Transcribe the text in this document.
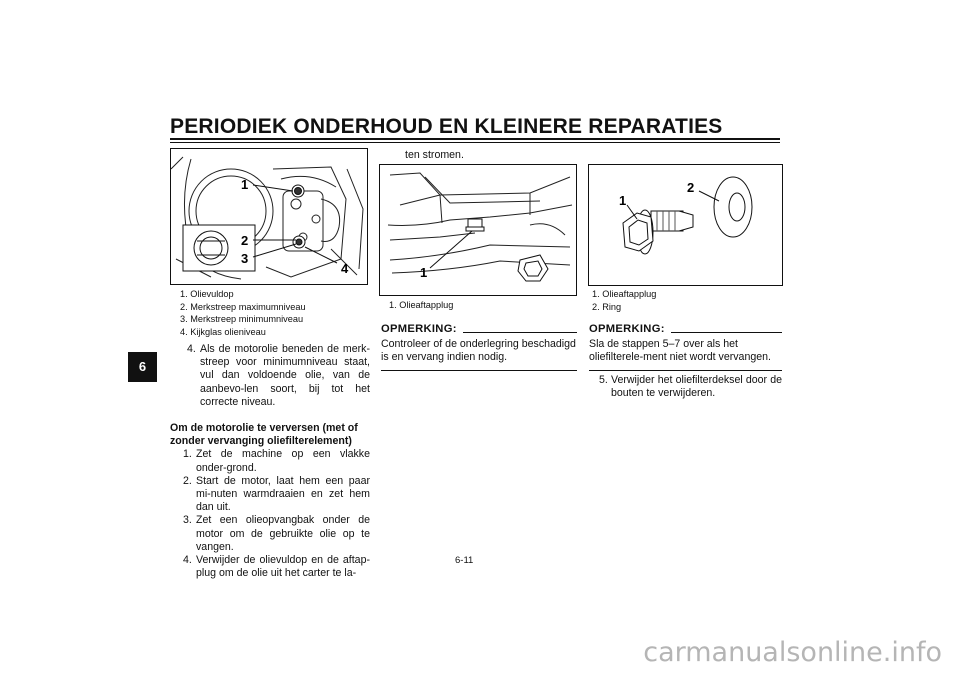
PERIODIEK ONDERHOUD EN KLEINERE REPARATIES
6
1
2
3
4
1. Olievuldop
2. Merkstreep maximumniveau
3. Merkstreep minimumniveau
4. Kijkglas olieniveau
4. Als de motorolie beneden de merk-streep voor minimumniveau staat, vul dan voldoende olie, van de aanbevo-len soort, bij tot het correcte niveau.
Om de motorolie te verversen (met of zonder vervanging oliefilterelement)
1. Zet de machine op een vlakke onder-grond.
2. Start de motor, laat hem een paar mi-nuten warmdraaien en zet hem dan uit.
3. Zet een olieopvangbak onder de motor om de gebruikte olie op te vangen.
4. Verwijder de olievuldop en de aftap-plug om de olie uit het carter te la-
ten stromen.
1
1. Olieaftapplug
OPMERKING:
Controleer of de onderlegring beschadigd is en vervang indien nodig.
1
2
1. Olieaftapplug
2. Ring
OPMERKING:
Sla de stappen 5–7 over als het oliefilterele-ment niet wordt vervangen.
5. Verwijder het oliefilterdeksel door de bouten te verwijderen.
6-11
carmanualsonline.info
